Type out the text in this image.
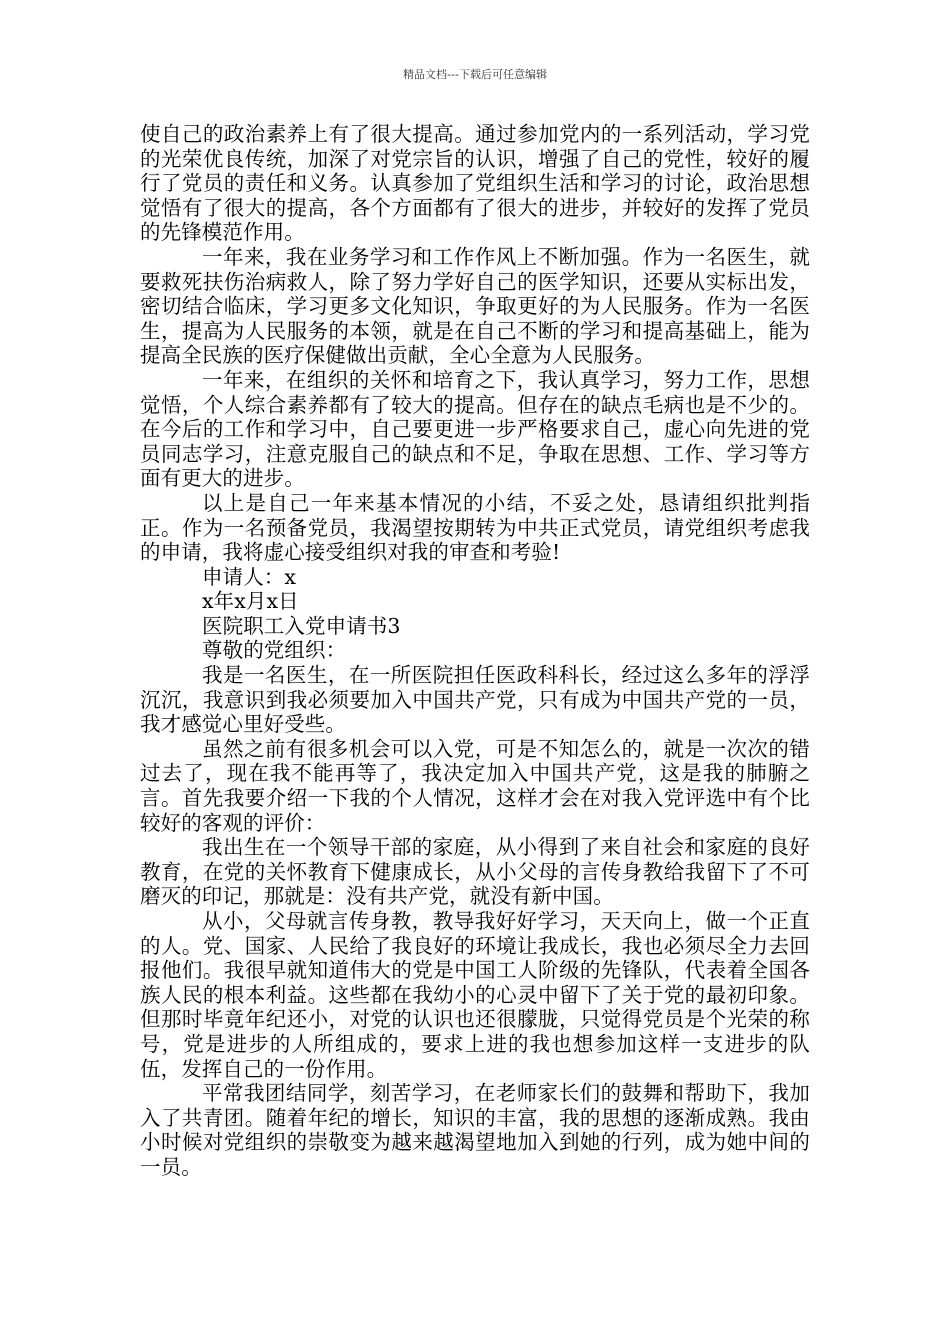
精品文档---下载后可任意编辑

使自己的政治素养上有了很大提高。通过参加党内的一系列活动，学习党的光荣优良传统，加深了对党宗旨的认识，增强了自己的党性，较好的履行了党员的责任和义务。认真参加了党组织生活和学习的讨论，政治思想觉悟有了很大的提高，各个方面都有了很大的进步，并较好的发挥了党员的先锋模范作用。

一年来，我在业务学习和工作作风上不断加强。作为一名医生，就要救死扶伤治病救人，除了努力学好自己的医学知识，还要从实标出发，密切结合临床，学习更多文化知识，争取更好的为人民服务。作为一名医生，提高为人民服务的本领，就是在自己不断的学习和提高基础上，能为提高全民族的医疗保健做出贡献，全心全意为人民服务。

一年来，在组织的关怀和培育之下，我认真学习，努力工作，思想觉悟，个人综合素养都有了较大的提高。但存在的缺点毛病也是不少的。在今后的工作和学习中，自己要更进一步严格要求自己，虚心向先进的党员同志学习，注意克服自己的缺点和不足，争取在思想、工作、学习等方面有更大的进步。

以上是自己一年来基本情况的小结，不妥之处，恳请组织批判指正。作为一名预备党员，我渴望按期转为中共正式党员，请党组织考虑我的申请，我将虚心接受组织对我的审查和考验!

申请人：x

x年x月x日

医院职工入党申请书3

尊敬的党组织：

我是一名医生，在一所医院担任医政科科长，经过这么多年的浮浮沉沉，我意识到我必须要加入中国共产党，只有成为中国共产党的一员，我才感觉心里好受些。

虽然之前有很多机会可以入党，可是不知怎么的，就是一次次的错过去了，现在我不能再等了，我决定加入中国共产党，这是我的肺腑之言。首先我要介绍一下我的个人情况，这样才会在对我入党评选中有个比较好的客观的评价：

我出生在一个领导干部的家庭，从小得到了来自社会和家庭的良好教育，在党的关怀教育下健康成长，从小父母的言传身教给我留下了不可磨灭的印记，那就是：没有共产党，就没有新中国。

从小，父母就言传身教，教导我好好学习，天天向上，做一个正直的人。党、国家、人民给了我良好的环境让我成长，我也必须尽全力去回报他们。我很早就知道伟大的党是中国工人阶级的先锋队，代表着全国各族人民的根本利益。这些都在我幼小的心灵中留下了关于党的最初印象。但那时毕竟年纪还小，对党的认识也还很朦胧，只觉得党员是个光荣的称号，党是进步的人所组成的，要求上进的我也想参加这样一支进步的队伍，发挥自己的一份作用。

平常我团结同学，刻苦学习，在老师家长们的鼓舞和帮助下，我加入了共青团。随着年纪的增长，知识的丰富，我的思想的逐渐成熟。我由小时候对党组织的崇敬变为越来越渴望地加入到她的行列，成为她中间的一员。
